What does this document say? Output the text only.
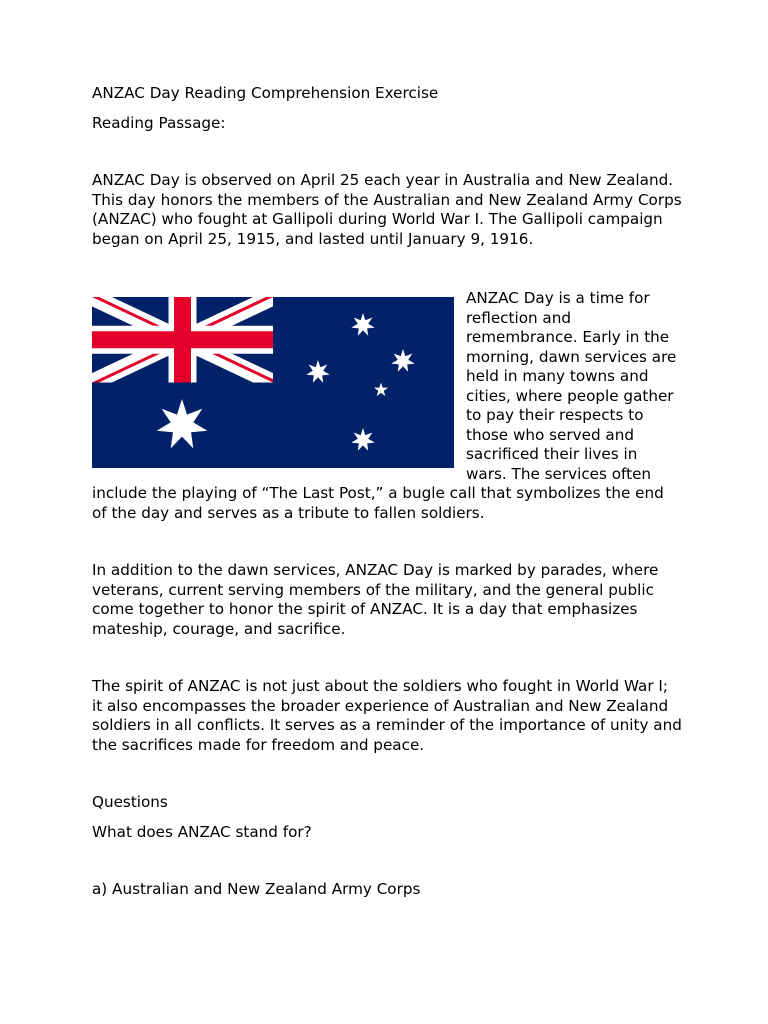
ANZAC Day Reading Comprehension Exercise

Reading Passage:

ANZAC Day is observed on April 25 each year in Australia and New Zealand. This day honors the members of the Australian and New Zealand Army Corps (ANZAC) who fought at Gallipoli during World War I. The Gallipoli campaign began on April 25, 1915, and lasted until January 9, 1916.

ANZAC Day is a time for reflection and remembrance. Early in the morning, dawn services are held in many towns and cities, where people gather to pay their respects to those who served and sacrificed their lives in wars. The services often include the playing of “The Last Post,” a bugle call that symbolizes the end of the day and serves as a tribute to fallen soldiers.

In addition to the dawn services, ANZAC Day is marked by parades, where veterans, current serving members of the military, and the general public come together to honor the spirit of ANZAC. It is a day that emphasizes mateship, courage, and sacrifice.

The spirit of ANZAC is not just about the soldiers who fought in World War I; it also encompasses the broader experience of Australian and New Zealand soldiers in all conflicts. It serves as a reminder of the importance of unity and the sacrifices made for freedom and peace.

Questions

What does ANZAC stand for?

a) Australian and New Zealand Army Corps
